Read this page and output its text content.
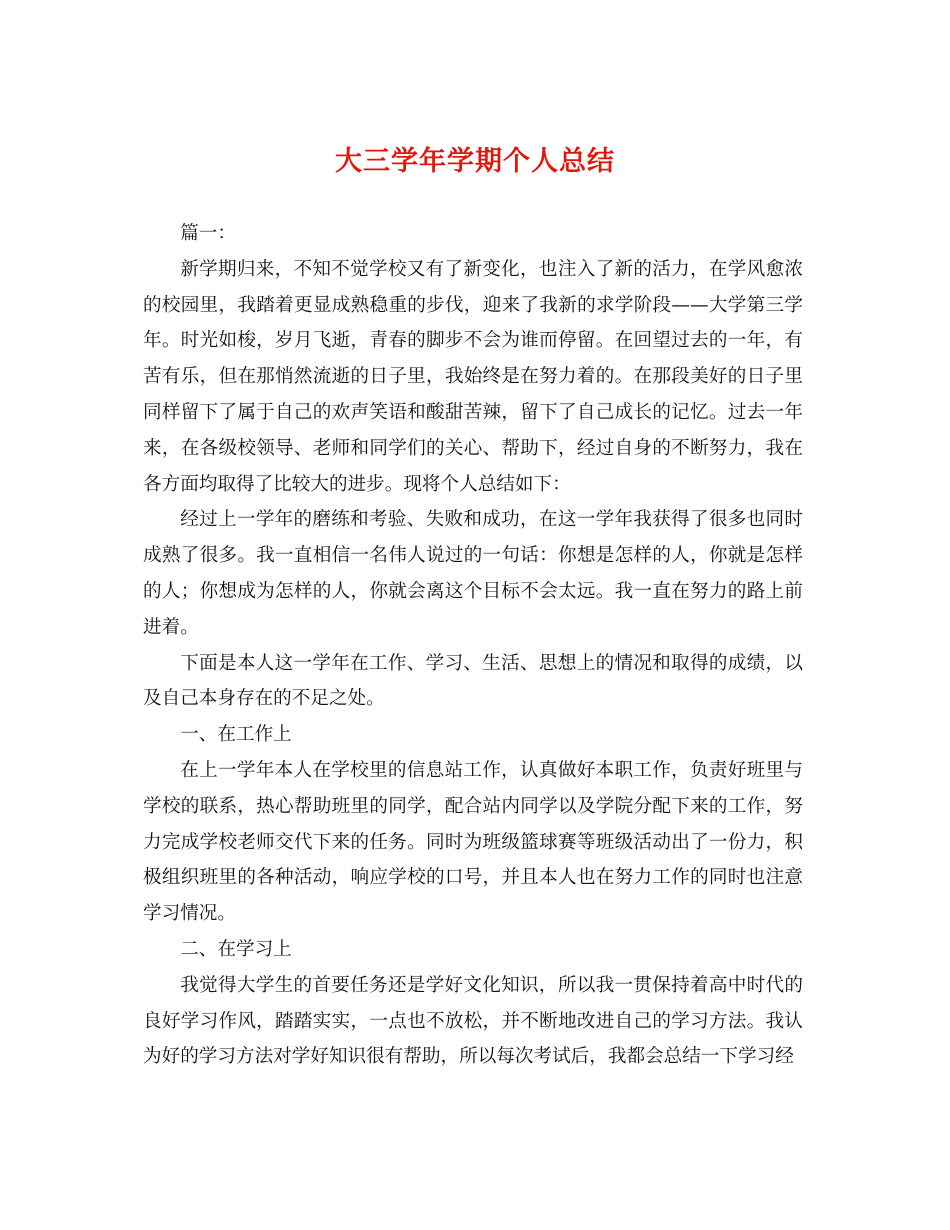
大三学年学期个人总结

篇一：

新学期归来，不知不觉学校又有了新变化，也注入了新的活力，在学风愈浓的校园里，我踏着更显成熟稳重的步伐，迎来了我新的求学阶段——大学第三学年。时光如梭，岁月飞逝，青春的脚步不会为谁而停留。在回望过去的一年，有苦有乐，但在那悄然流逝的日子里，我始终是在努力着的。在那段美好的日子里同样留下了属于自己的欢声笑语和酸甜苦辣，留下了自己成长的记忆。过去一年来，在各级校领导、老师和同学们的关心、帮助下，经过自身的不断努力，我在各方面均取得了比较大的进步。现将个人总结如下：

经过上一学年的磨练和考验、失败和成功，在这一学年我获得了很多也同时成熟了很多。我一直相信一名伟人说过的一句话：你想是怎样的人，你就是怎样的人；你想成为怎样的人，你就会离这个目标不会太远。我一直在努力的路上前进着。

下面是本人这一学年在工作、学习、生活、思想上的情况和取得的成绩，以及自己本身存在的不足之处。

一、在工作上

在上一学年本人在学校里的信息站工作，认真做好本职工作，负责好班里与学校的联系，热心帮助班里的同学，配合站内同学以及学院分配下来的工作，努力完成学校老师交代下来的任务。同时为班级篮球赛等班级活动出了一份力，积极组织班里的各种活动，响应学校的口号，并且本人也在努力工作的同时也注意学习情况。

二、在学习上

我觉得大学生的首要任务还是学好文化知识，所以我一贯保持着高中时代的良好学习作风，踏踏实实，一点也不放松，并不断地改进自己的学习方法。我认为好的学习方法对学好知识很有帮助，所以每次考试后，我都会总结一下学习经
